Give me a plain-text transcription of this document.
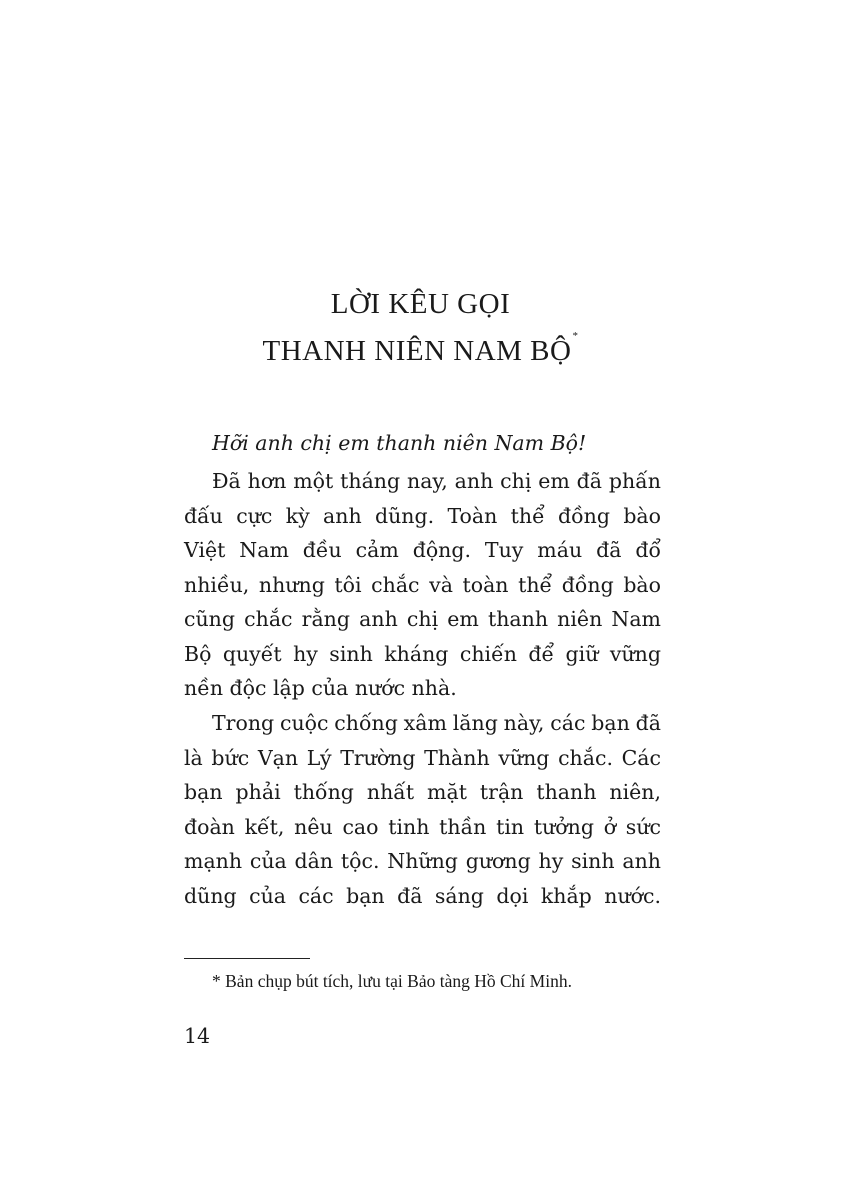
LỜI KÊU GỌI
THANH NIÊN NAM BỘ*

Hỡi anh chị em thanh niên Nam Bộ!

Đã hơn một tháng nay, anh chị em đã phấn
đấu cực kỳ anh dũng. Toàn thể đồng bào
Việt Nam đều cảm động. Tuy máu đã đổ
nhiều, nhưng tôi chắc và toàn thể đồng bào
cũng chắc rằng anh chị em thanh niên Nam
Bộ quyết hy sinh kháng chiến để giữ vững
nền độc lập của nước nhà.
Trong cuộc chống xâm lăng này, các bạn đã
là bức Vạn Lý Trường Thành vững chắc. Các
bạn phải thống nhất mặt trận thanh niên,
đoàn kết, nêu cao tinh thần tin tưởng ở sức
mạnh của dân tộc. Những gương hy sinh anh
dũng của các bạn đã sáng dọi khắp nước.
* Bản chụp bút tích, lưu tại Bảo tàng Hồ Chí Minh.
14
